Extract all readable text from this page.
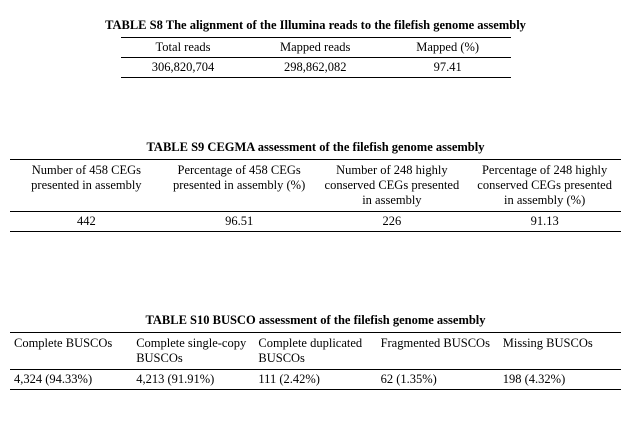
TABLE S8 The alignment of the Illumina reads to the filefish genome assembly
Total reads	Mapped reads	Mapped (%)
306,820,704	298,862,082	97.41
TABLE S9 CEGMA assessment of the filefish genome assembly
Number of 458 CEGs presented in assembly	Percentage of 458 CEGs presented in assembly (%)	Number of 248 highly conserved CEGs presented in assembly	Percentage of 248 highly conserved CEGs presented in assembly (%)
442	96.51	226	91.13
TABLE S10 BUSCO assessment of the filefish genome assembly
Complete BUSCOs	Complete single-copy BUSCOs	Complete duplicated BUSCOs	Fragmented BUSCOs	Missing BUSCOs
4,324 (94.33%)	4,213 (91.91%)	111 (2.42%)	62 (1.35%)	198 (4.32%)
